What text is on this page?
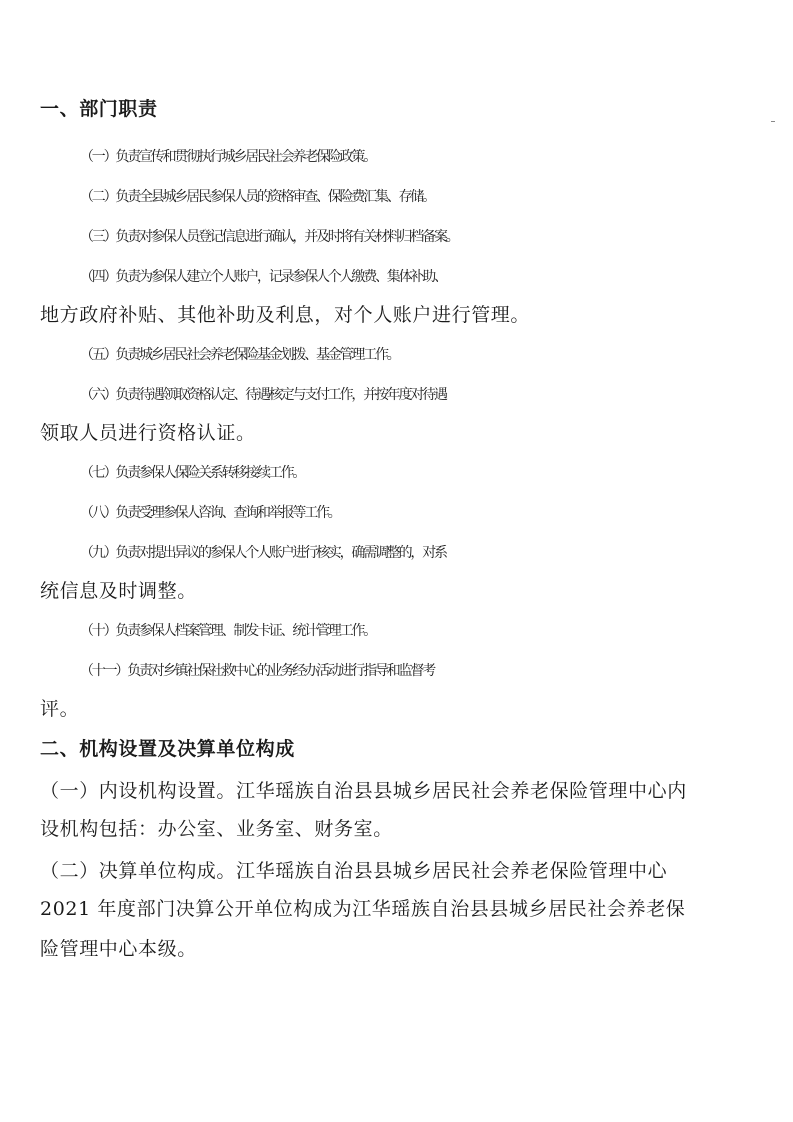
一、部门职责
（一）负责宣传和贯彻执行城乡居民社会养老保险政策。
（二）负责全县城乡居民参保人员的资格审查、保险费汇集、存储。
（三）负责对参保人员登记信息进行确认，并及时将有关材料归档备案。
（四）负责为参保人建立个人账户，记录参保人个人缴费、集体补助、
地方政府补贴、其他补助及利息，对个人账户进行管理。
（五）负责城乡居民社会养老保险基金划拨、基金管理工作。
（六）负责待遇领取资格认定、待遇核定与支付工作，并按年度对待遇
领取人员进行资格认证。
（七）负责参保人保险关系转移接续工作。
（八）负责受理参保人咨询、查询和举报等工作。
（九）负责对提出异议的参保人个人账户进行核实，确需调整的，对系
统信息及时调整。
（十）负责参保人档案管理、制发卡证、统计管理工作。
（十一）负责对乡镇社保社救中心的业务经办活动进行指导和监督考
评。
二、机构设置及决算单位构成
（一）内设机构设置。江华瑶族自治县县城乡居民社会养老保险管理中心内
设机构包括：办公室、业务室、财务室。
（二）决算单位构成。江华瑶族自治县县城乡居民社会养老保险管理中心
2021 年度部门决算公开单位构成为江华瑶族自治县县城乡居民社会养老保
险管理中心本级。
